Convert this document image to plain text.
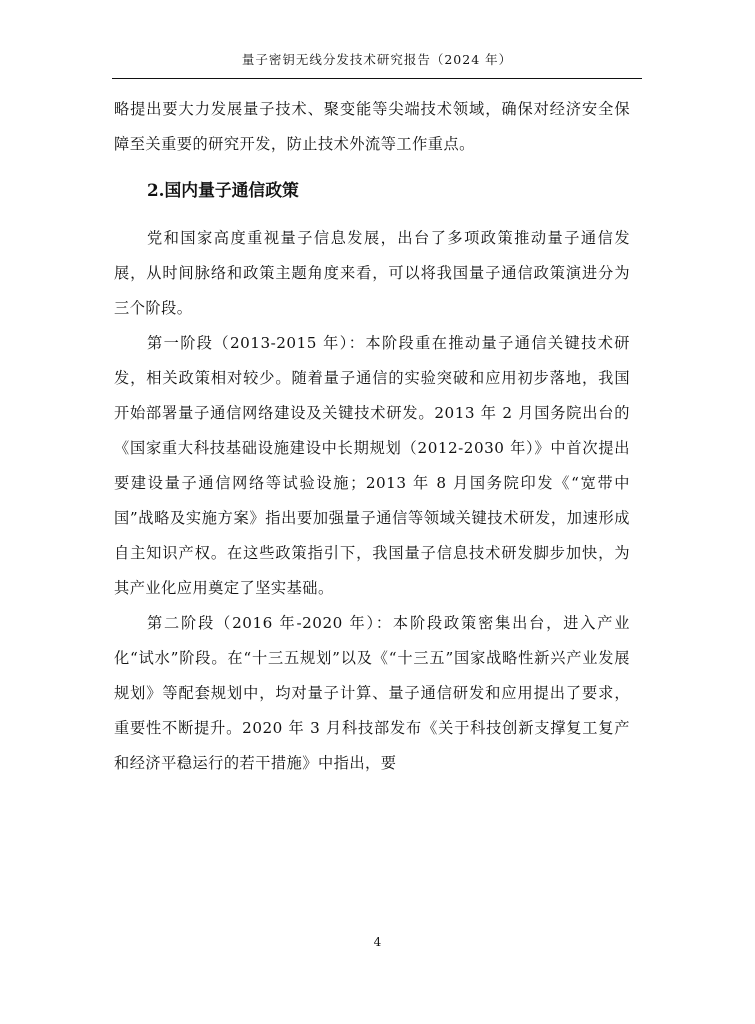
量子密钥无线分发技术研究报告（2024 年）

略提出要大力发展量子技术、聚变能等尖端技术领域，确保对经济安全保障至关重要的研究开发，防止技术外流等工作重点。

2.国内量子通信政策

党和国家高度重视量子信息发展，出台了多项政策推动量子通信发展，从时间脉络和政策主题角度来看，可以将我国量子通信政策演进分为三个阶段。

第一阶段（2013-2015 年）：本阶段重在推动量子通信关键技术研发，相关政策相对较少。随着量子通信的实验突破和应用初步落地，我国开始部署量子通信网络建设及关键技术研发。2013 年 2 月国务院出台的《国家重大科技基础设施建设中长期规划（2012-2030 年）》中首次提出要建设量子通信网络等试验设施；2013 年 8 月国务院印发《“宽带中国”战略及实施方案》指出要加强量子通信等领域关键技术研发，加速形成自主知识产权。在这些政策指引下，我国量子信息技术研发脚步加快，为其产业化应用奠定了坚实基础。

第二阶段（2016 年-2020 年）：本阶段政策密集出台，进入产业化“试水”阶段。在“十三五规划”以及《“十三五”国家战略性新兴产业发展规划》等配套规划中，均对量子计算、量子通信研发和应用提出了要求，重要性不断提升。2020 年 3 月科技部发布《关于科技创新支撑复工复产和经济平稳运行的若干措施》中指出，要

4
